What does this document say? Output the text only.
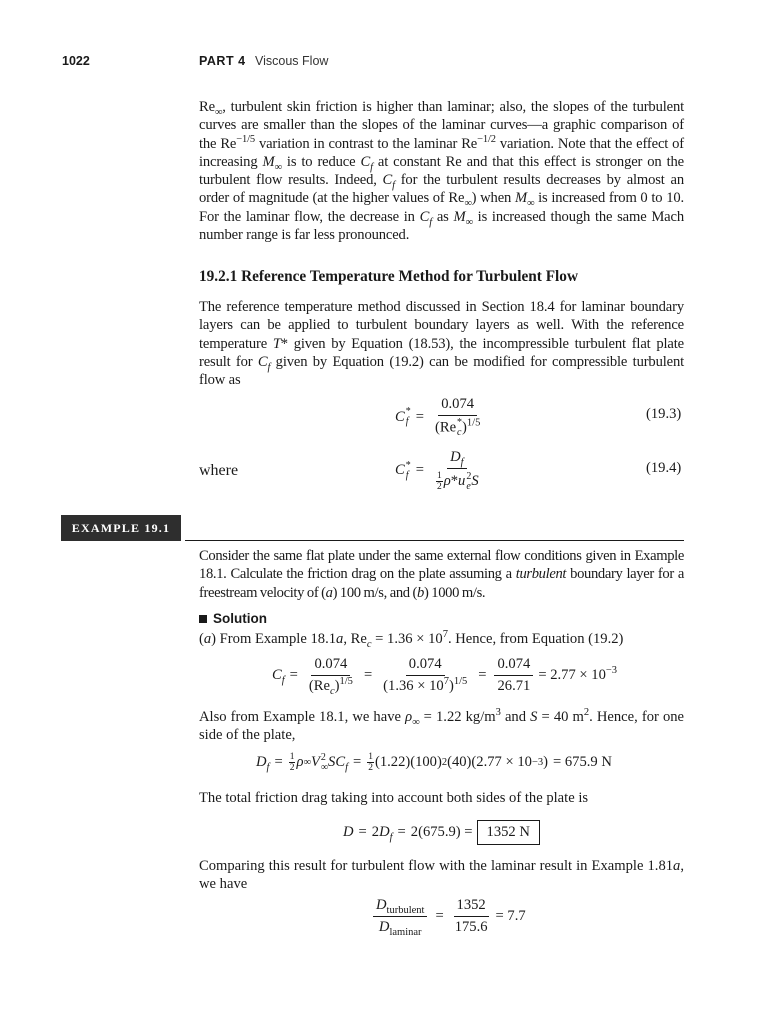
1022	PART 4 Viscous Flow

$Re_\infty$, turbulent skin friction is higher than laminar; also, the slopes of the turbulent curves are smaller than the slopes of the laminar curves—a graphic comparison of the $Re^{-1/5}$ variation in contrast to the laminar $Re^{-1/2}$ variation. Note that the effect of increasing $M_\infty$ is to reduce $C_f$ at constant Re and that this effect is stronger on the turbulent flow results. Indeed, $C_f$ for the turbulent results decreases by almost an order of magnitude (at the higher values of $Re_\infty$) when $M_\infty$ is increased from 0 to 10. For the laminar flow, the decrease in $C_f$ as $M_\infty$ is increased though the same Mach number range is far less pronounced.

19.2.1 Reference Temperature Method for Turbulent Flow

The reference temperature method discussed in Section 18.4 for laminar boundary layers can be applied to turbulent boundary layers as well. With the reference temperature T* given by Equation (18.53), the incompressible turbulent flat plate result for $C_f$ given by Equation (19.2) can be modified for compressible turbulent flow as

C *
f = 0.074
(Re *
c )$^{1/5}$	(19.3)
where	C *
$f = D_f$
$\frac{1}{2} \rho*u$ 2
e S	(19.4)
EXAMPLE 19.1

Consider the same flat plate under the same external flow conditions given in Example 18.1. Calculate the friction drag on the plate assuming a turbulent boundary layer for a freestream velocity of (a) 100 m/s, and (b) 1000 m/s.

Solution

(a) From Example 18.1a, $Re_c = 1.36 \times 10^7$. Hence, from Equation (19.2)

$C_f = \frac{0.074}{(Re_c)^{1/5}} = \frac{0.074}{(1.36 \times 10^7)^{1/5}} = \frac{0.074}{26.71} = 2.77 \times 10^{-3}$

Also from Example 18.1, we have $\rho_\infty = 1.22$ $kg/m^3$ and S = 40 $m^2$. Hence, for one side of the plate,

$D_f = \frac{1}{2}$ ρ ∞ V 2
∞ $SC_f = \frac{1}{2} (1.22)(100)$ 2 (40)(2.77 × 10 −3 ) = 675.9 N

The total friction drag taking into account both sides of the plate is

D = 2 $D_f = 2(675.9) = 1352$ N

Comparing this result for turbulent flow with the laminar result in Example 1.81a, we have

$\frac{D_{turbulent}}{D_{laminar}} = \frac{1352}{175.6} = 7.7$
